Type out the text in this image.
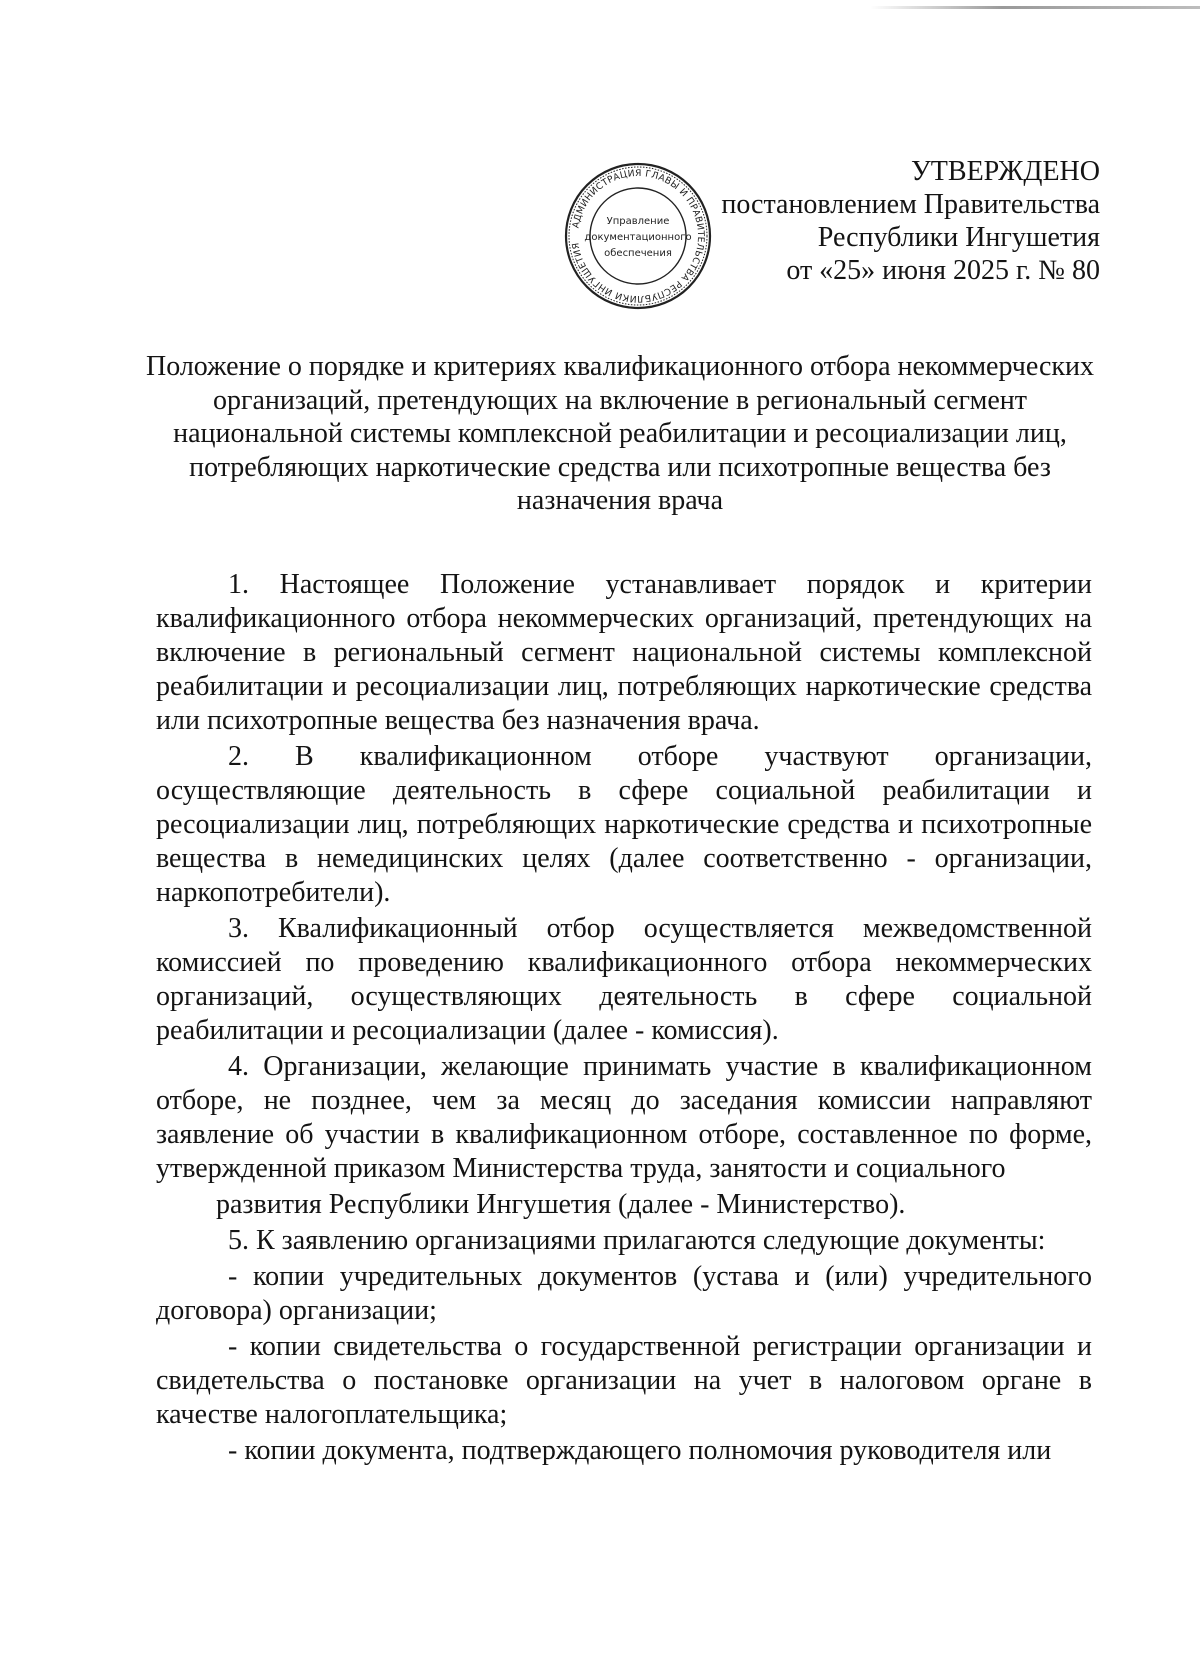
УТВЕРЖДЕНО
постановлением Правительства
Республики Ингушетия
от «25» июня 2025 г. № 80
АДМИНИСТРАЦИЯ ГЛАВЫ И ПРАВИТЕЛЬСТВА РЕСПУБЛИКИ ИНГУШЕТИЯ
Управление
документационного
обеспечения
Положение о порядке и критериях квалификационного отбора некоммерческих организаций, претендующих на включение в региональный сегмент национальной системы комплексной реабилитации и ресоциализации лиц, потребляющих наркотические средства или психотропные вещества без назначения врача

1. Настоящее Положение устанавливает порядок и критерии квалификационного отбора некоммерческих организаций, претендующих на включение в региональный сегмент национальной системы комплексной реабилитации и ресоциализации лиц, потребляющих наркотические средства или психотропные вещества без назначения врача.

2. В квалификационном отборе участвуют организации, осуществляющие деятельность в сфере социальной реабилитации и ресоциализации лиц, потребляющих наркотические средства и психотропные вещества в немедицинских целях (далее соответственно - организации, наркопотребители).

3. Квалификационный отбор осуществляется межведомственной комиссией по проведению квалификационного отбора некоммерческих организаций, осуществляющих деятельность в сфере социальной реабилитации и ресоциализации (далее - комиссия).

4. Организации, желающие принимать участие в квалификационном отборе, не позднее, чем за месяц до заседания комиссии направляют заявление об участии в квалификационном отборе, составленное по форме, утвержденной приказом Министерства труда, занятости и социального

развития Республики Ингушетия (далее - Министерство).

5. К заявлению организациями прилагаются следующие документы:

- копии учредительных документов (устава и (или) учредительного договора) организации;

- копии свидетельства о государственной регистрации организации и свидетельства о постановке организации на учет в налоговом органе в качестве налогоплательщика;

- копии документа, подтверждающего полномочия руководителя или
